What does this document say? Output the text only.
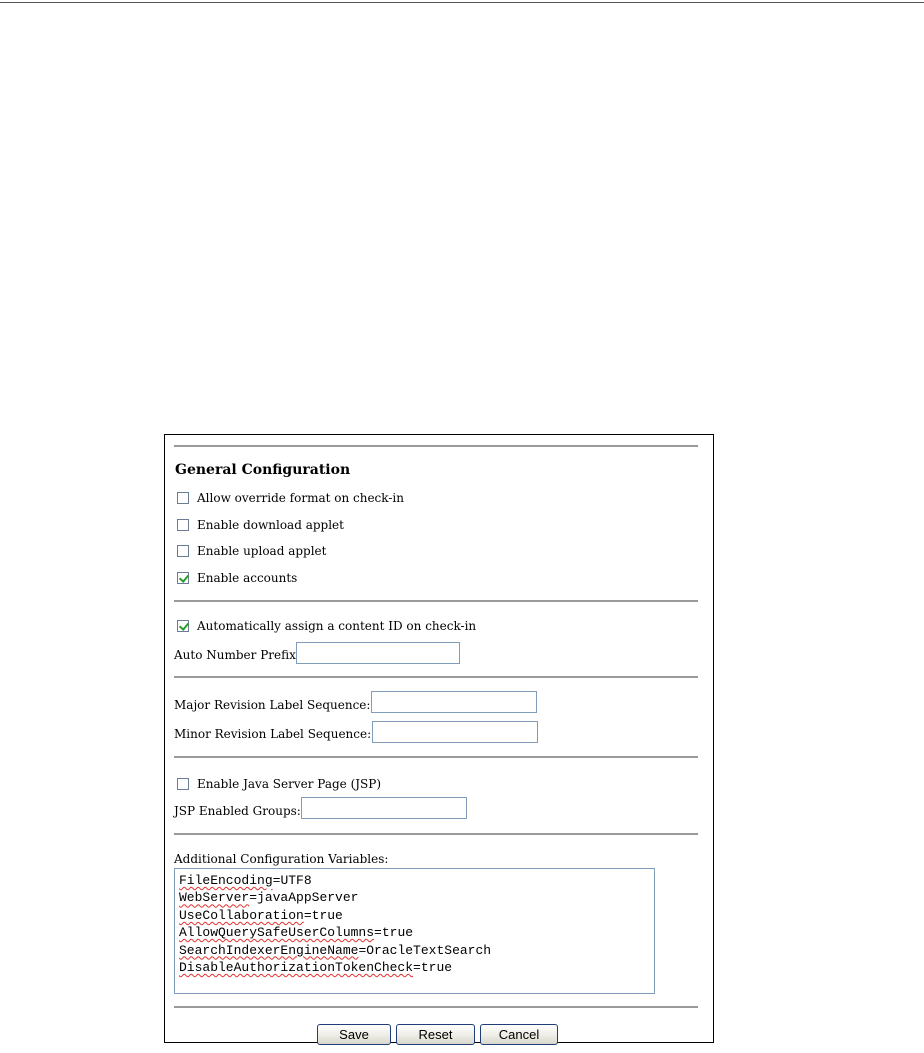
General Configuration
Allow override format on check-in
Enable download applet
Enable upload applet
Enable accounts
Automatically assign a content ID on check-in
Auto Number Prefix
Major Revision Label Sequence:
Minor Revision Label Sequence:
Enable Java Server Page (JSP)
JSP Enabled Groups:
Additional Configuration Variables:
FileEncoding=UTF8
WebServer=javaAppServer
UseCollaboration=true
AllowQuerySafeUserColumns=true
SearchIndexerEngineName=OracleTextSearch
DisableAuthorizationTokenCheck=true
Save	Reset	Cancel
